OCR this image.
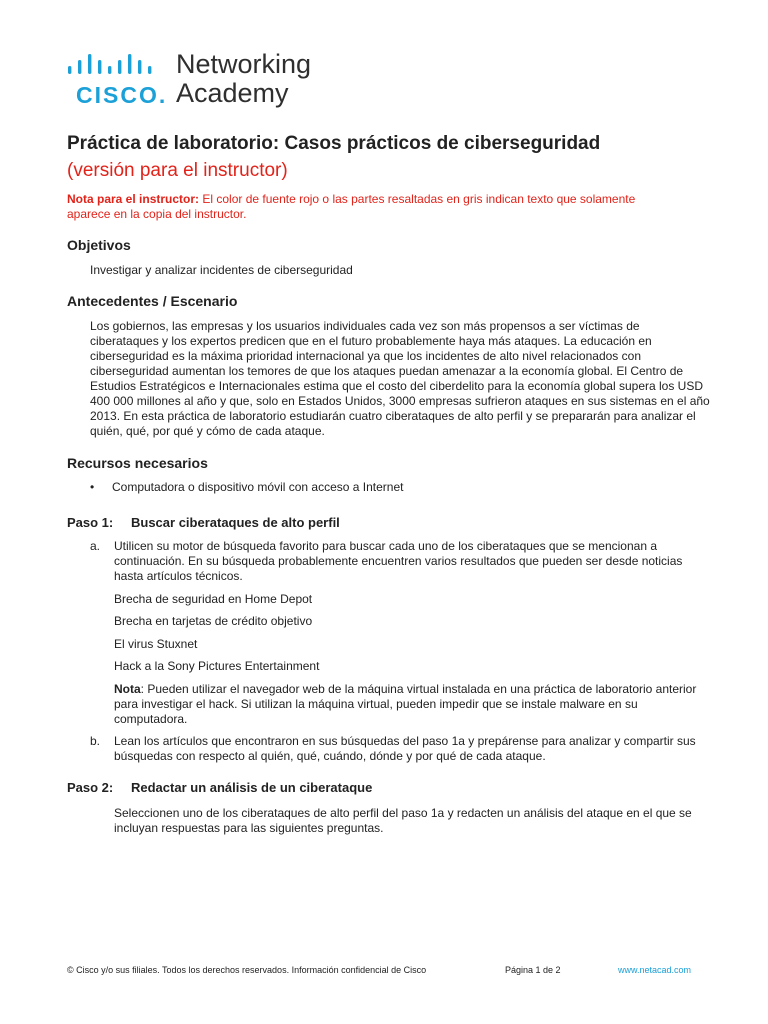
CISCO.
Networking
Academy
Práctica de laboratorio: Casos prácticos de ciberseguridad
(versión para el instructor)
Nota para el instructor: El color de fuente rojo o las partes resaltadas en gris indican texto que solamente aparece en la copia del instructor.
Objetivos

Investigar y analizar incidentes de ciberseguridad

Antecedentes / Escenario

Los gobiernos, las empresas y los usuarios individuales cada vez son más propensos a ser víctimas de ciberataques y los expertos predicen que en el futuro probablemente haya más ataques. La educación en ciberseguridad es la máxima prioridad internacional ya que los incidentes de alto nivel relacionados con ciberseguridad aumentan los temores de que los ataques puedan amenazar a la economía global. El Centro de Estudios Estratégicos e Internacionales estima que el costo del ciberdelito para la economía global supera los USD 400 000 millones al año y que, solo en Estados Unidos, 3000 empresas sufrieron ataques en sus sistemas en el año 2013. En esta práctica de laboratorio estudiarán cuatro ciberataques de alto perfil y se prepararán para analizar el quién, qué, por qué y cómo de cada ataque.

Recursos necesarios
• Computadora o dispositivo móvil con acceso a Internet
Paso 1: Buscar ciberataques de alto perfil
a. Utilicen su motor de búsqueda favorito para buscar cada uno de los ciberataques que se mencionan a continuación. En su búsqueda probablemente encuentren varios resultados que pueden ser desde noticias hasta artículos técnicos.
Brecha de seguridad en Home Depot
Brecha en tarjetas de crédito objetivo
El virus Stuxnet
Hack a la Sony Pictures Entertainment
Nota: Pueden utilizar el navegador web de la máquina virtual instalada en una práctica de laboratorio anterior para investigar el hack. Si utilizan la máquina virtual, pueden impedir que se instale malware en su computadora.
b. Lean los artículos que encontraron en sus búsquedas del paso 1a y prepárense para analizar y compartir sus búsquedas con respecto al quién, qué, cuándo, dónde y por qué de cada ataque.
Paso 2: Redactar un análisis de un ciberataque
Seleccionen uno de los ciberataques de alto perfil del paso 1a y redacten un análisis del ataque en el que se incluyan respuestas para las siguientes preguntas.
© Cisco y/o sus filiales. Todos los derechos reservados. Información confidencial de Cisco	Página 1 de 2	www.netacad.com
